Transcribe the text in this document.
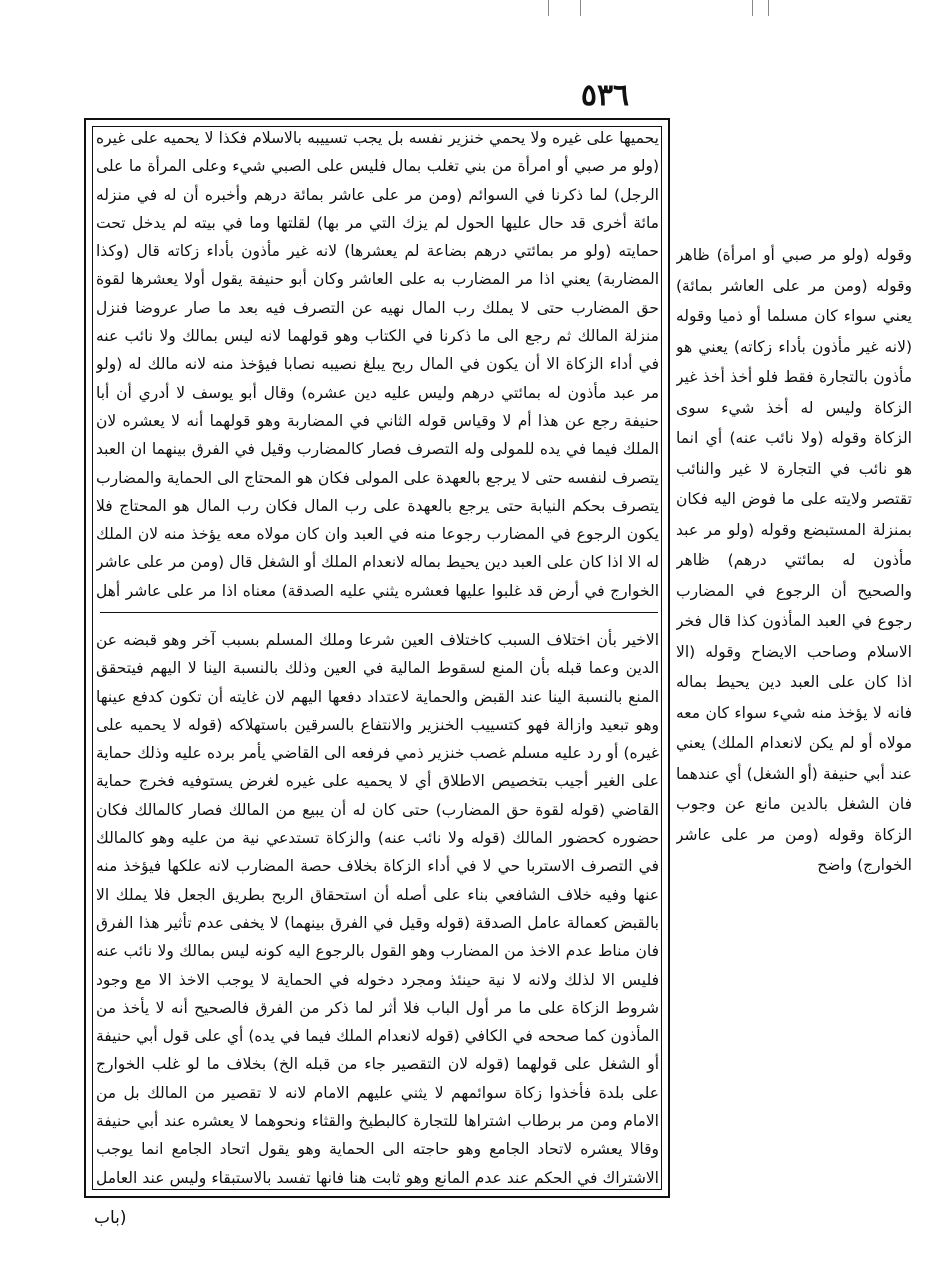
٥٣٦
يحميها على غيره ولا يحمي خنزير نفسه بل يجب تسييبه بالاسلام فكذا لا يحميه على غيره (ولو مر صبي أو امرأة من بني تغلب بمال فليس على الصبي شيء وعلى المرأة ما على الرجل) لما ذكرنا في السوائم (ومن مر على عاشر بمائة درهم وأخبره أن له في منزله مائة أخرى قد حال عليها الحول لم يزك التي مر بها) لقلتها وما في بيته لم يدخل تحت حمايته (ولو مر بمائتي درهم بضاعة لم يعشرها) لانه غير مأذون بأداء زكاته قال (وكذا المضاربة) يعني اذا مر المضارب به على العاشر وكان أبو حنيفة يقول أولا يعشرها لقوة حق المضارب حتى لا يملك رب المال نهيه عن التصرف فيه بعد ما صار عروضا فنزل منزلة المالك ثم رجع الى ما ذكرنا في الكتاب وهو قولهما لانه ليس بمالك ولا نائب عنه في أداء الزكاة الا أن يكون في المال ربح يبلغ نصيبه نصابا فيؤخذ منه لانه مالك له (ولو مر عبد مأذون له بمائتي درهم وليس عليه دين عشره) وقال أبو يوسف لا أدري أن أبا حنيفة رجع عن هذا أم لا وقياس قوله الثاني في المضاربة وهو قولهما أنه لا يعشره لان الملك فيما في يده للمولى وله التصرف فصار كالمضارب وقيل في الفرق بينهما ان العبد يتصرف لنفسه حتى لا يرجع بالعهدة على المولى فكان هو المحتاج الى الحماية والمضارب يتصرف بحكم النيابة حتى يرجع بالعهدة على رب المال فكان رب المال هو المحتاج فلا يكون الرجوع في المضارب رجوعا منه في العبد وان كان مولاه معه يؤخذ منه لان الملك له الا اذا كان على العبد دين يحيط بماله لانعدام الملك أو الشغل قال (ومن مر على عاشر الخوارج في أرض قد غلبوا عليها فعشره يثني عليه الصدقة) معناه اذا مر على عاشر أهل
الاخير بأن اختلاف السبب كاختلاف العين شرعا وملك المسلم بسبب آخر وهو قبضه عن الدين وعما قبله بأن المنع لسقوط المالية في العين وذلك بالنسبة الينا لا اليهم فيتحقق المنع بالنسبة الينا عند القبض والحماية لاعتداد دفعها اليهم لان غايته أن تكون كدفع عينها وهو تبعيد وازالة فهو كتسييب الخنزير والانتفاع بالسرقين باستهلاكه (قوله لا يحميه على غيره) أو رد عليه مسلم غصب خنزير ذمي فرفعه الى القاضي يأمر برده عليه وذلك حماية على الغير أجيب بتخصيص الاطلاق أي لا يحميه على غيره لغرض يستوفيه فخرج حماية القاضي (قوله لقوة حق المضارب) حتى كان له أن يبيع من المالك فصار كالمالك فكان حضوره كحضور المالك (قوله ولا نائب عنه) والزكاة تستدعي نية من عليه وهو كالمالك في التصرف الاستربا حي لا في أداء الزكاة بخلاف حصة المضارب لانه علكها فيؤخذ منه عنها وفيه خلاف الشافعي بناء على أصله أن استحقاق الربح بطريق الجعل فلا يملك الا بالقبض كعمالة عامل الصدقة (قوله وقيل في الفرق بينهما) لا يخفى عدم تأثير هذا الفرق فان مناط عدم الاخذ من المضارب وهو القول بالرجوع اليه كونه ليس بمالك ولا نائب عنه فليس الا لذلك ولانه لا نية حينئذ ومجرد دخوله في الحماية لا يوجب الاخذ الا مع وجود شروط الزكاة على ما مر أول الباب فلا أثر لما ذكر من الفرق فالصحيح أنه لا يأخذ من المأذون كما صححه في الكافي (قوله لانعدام الملك فيما في يده) أي على قول أبي حنيفة أو الشغل على قولهما (قوله لان التقصير جاء من قبله الخ) بخلاف ما لو غلب الخوارج على بلدة فأخذوا زكاة سوائمهم لا يثني عليهم الامام لانه لا تقصير من المالك بل من الامام ومن مر برطاب اشتراها للتجارة كالبطيخ والقثاء ونحوهما لا يعشره عند أبي حنيفة وقالا يعشره لاتحاد الجامع وهو حاجته الى الحماية وهو يقول اتحاد الجامع انما يوجب الاشتراك في الحكم عند عدم المانع وهو ثابت هنا فانها تفسد بالاستبقاء وليس عند العامل
وقوله (ولو مر صبي أو امرأة) ظاهر وقوله (ومن مر على العاشر بمائة) يعني سواء كان مسلما أو ذميا وقوله (لانه غير مأذون بأداء زكاته) يعني هو مأذون بالتجارة فقط فلو أخذ أخذ غير الزكاة وليس له أخذ شيء سوى الزكاة وقوله (ولا نائب عنه) أي انما هو نائب في التجارة لا غير والنائب تقتصر ولايته على ما فوض اليه فكان بمنزلة المستبضع وقوله (ولو مر عبد مأذون له بمائتي درهم) ظاهر والصحيح أن الرجوع في المضارب رجوع في العبد المأذون كذا قال فخر الاسلام وصاحب الايضاح وقوله (الا اذا كان على العبد دين يحيط بماله فانه لا يؤخذ منه شيء سواء كان معه مولاه أو لم يكن لانعدام الملك) يعني عند أبي حنيفة (أو الشغل) أي عندهما فان الشغل بالدين مانع عن وجوب الزكاة وقوله (ومن مر على عاشر الخوارج) واضح
(باب
